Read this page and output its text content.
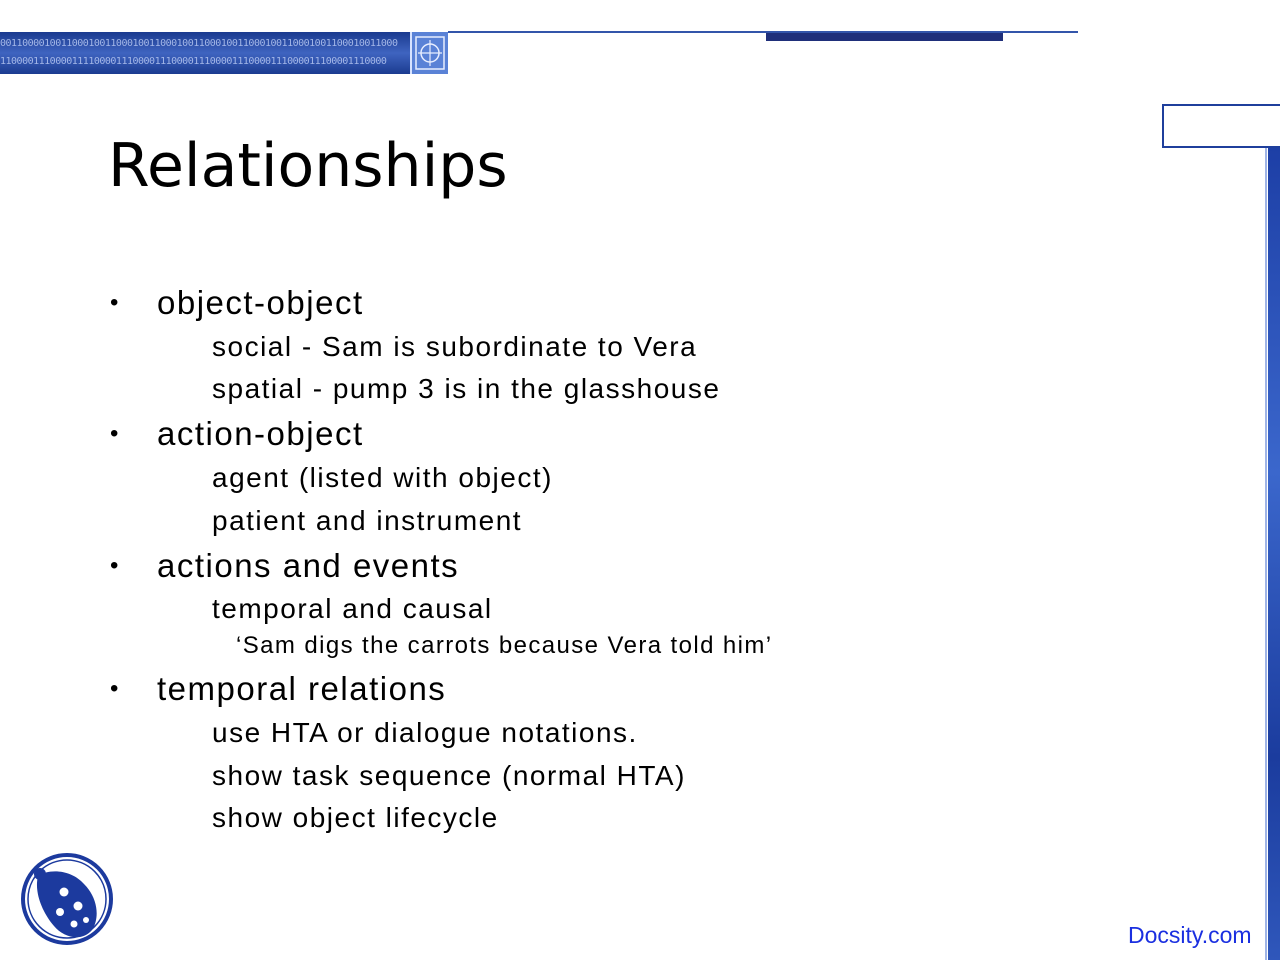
001100001001100010011000100110001001100010011000100110001001100010011000
1100001110000111100001110000111000011100001110000111000011100001110000
Relationships
• object-object
social - Sam is subordinate to Vera
spatial - pump 3 is in the glasshouse
• action-object
agent (listed with object)
patient and instrument
• actions and events
temporal and causal
‘Sam digs the carrots because Vera told him’
• temporal relations
use HTA or dialogue notations.
show task sequence (normal HTA)
show object lifecycle
Docsity.com
